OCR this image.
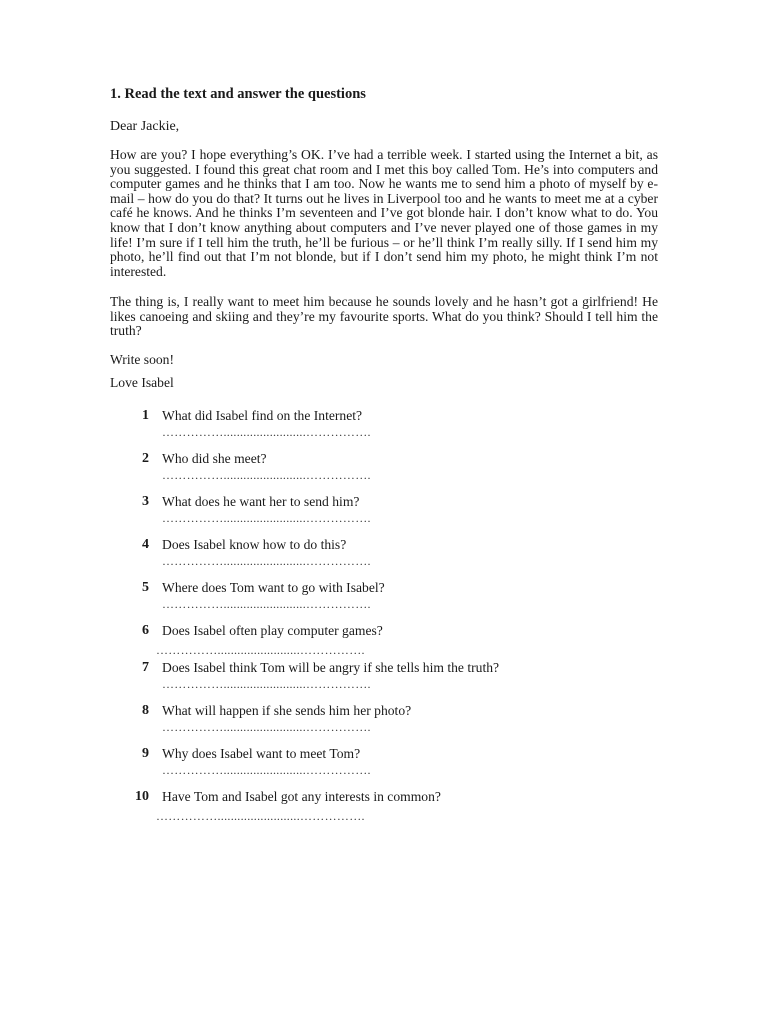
1. Read the text and answer the questions

Dear Jackie,

How are you? I hope everything’s OK. I’ve had a terrible week. I started using the Internet a bit, as you suggested. I found this great chat room and I met this boy called Tom. He’s into computers and computer games and he thinks that I am too. Now he wants me to send him a photo of myself by e-mail – how do you do that? It turns out he lives in Liverpool too and he wants to meet me at a cyber café he knows. And he thinks I’m seventeen and I’ve got blonde hair. I don’t know what to do. You know that I don’t know anything about computers and I’ve never played one of those games in my life! I’m sure if I tell him the truth, he’ll be furious – or he’ll think I’m really silly. If I send him my photo, he’ll find out that I’m not blonde, but if I don’t send him my photo, he might think I’m not interested.

The thing is, I really want to meet him because he sounds lovely and he hasn’t got a girlfriend! He likes canoeing and skiing and they’re my favourite sports. What do you think? Should I tell him the truth?

Write soon!

Love Isabel

1 What did Isabel find on the Internet?
…………….........................…………….
2 Who did she meet?
…………….........................…………….
3 What does he want her to send him?
…………….........................…………….
4 Does Isabel know how to do this?
…………….........................…………….
5 Where does Tom want to go with Isabel?
…………….........................…………….
6 Does Isabel often play computer games?
…………….........................…………….
7 Does Isabel think Tom will be angry if she tells him the truth?
…………….........................…………….
8 What will happen if she sends him her photo?
…………….........................…………….
9 Why does Isabel want to meet Tom?
…………….........................…………….
10 Have Tom and Isabel got any interests in common?
…………….........................…………….
